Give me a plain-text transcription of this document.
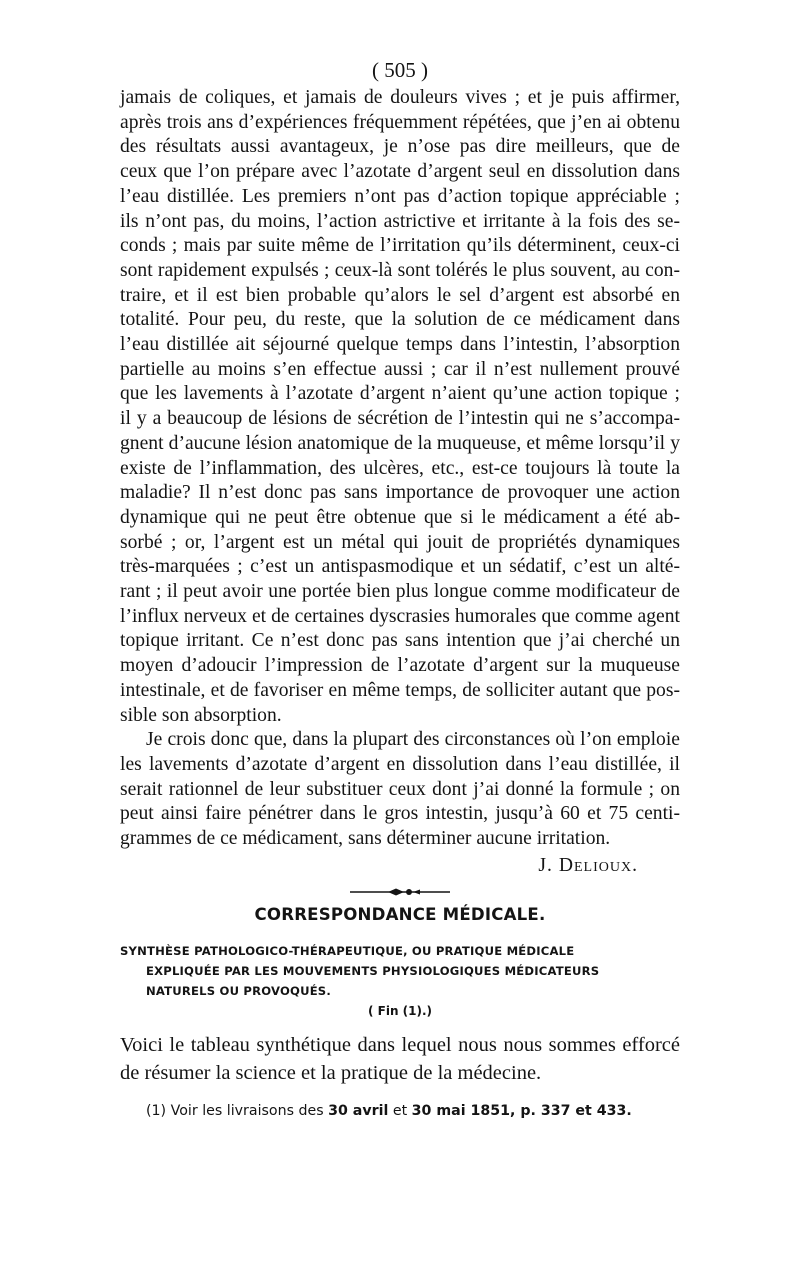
( 505 )

jamais de coliques, et jamais de douleurs vives ; et je puis affirmer,

après trois ans d’expériences fréquemment répétées, que j’en ai obtenu

des résultats aussi avantageux, je n’ose pas dire meilleurs, que de

ceux que l’on prépare avec l’azotate d’argent seul en dissolution dans

l’eau distillée. Les premiers n’ont pas d’action topique appréciable ;

ils n’ont pas, du moins, l’action astrictive et irritante à la fois des se-

conds ; mais par suite même de l’irritation qu’ils déterminent, ceux-ci

sont rapidement expulsés ; ceux-là sont tolérés le plus souvent, au con-

traire, et il est bien probable qu’alors le sel d’argent est absorbé en

totalité. Pour peu, du reste, que la solution de ce médicament dans

l’eau distillée ait séjourné quelque temps dans l’intestin, l’absorption

partielle au moins s’en effectue aussi ; car il n’est nullement prouvé

que les lavements à l’azotate d’argent n’aient qu’une action topique ;

il y a beaucoup de lésions de sécrétion de l’intestin qui ne s’accompa-

gnent d’aucune lésion anatomique de la muqueuse, et même lorsqu’il y

existe de l’inflammation, des ulcères, etc., est-ce toujours là toute la

maladie? Il n’est donc pas sans importance de provoquer une action

dynamique qui ne peut être obtenue que si le médicament a été ab-

sorbé ; or, l’argent est un métal qui jouit de propriétés dynamiques

très-marquées ; c’est un antispasmodique et un sédatif, c’est un alté-

rant ; il peut avoir une portée bien plus longue comme modificateur de

l’influx nerveux et de certaines dyscrasies humorales que comme agent

topique irritant. Ce n’est donc pas sans intention que j’ai cherché un

moyen d’adoucir l’impression de l’azotate d’argent sur la muqueuse

intestinale, et de favoriser en même temps, de solliciter autant que pos-

sible son absorption.

Je crois donc que, dans la plupart des circonstances où l’on emploie

les lavements d’azotate d’argent en dissolution dans l’eau distillée, il

serait rationnel de leur substituer ceux dont j’ai donné la formule ; on

peut ainsi faire pénétrer dans le gros intestin, jusqu’à 60 et 75 centi-

grammes de ce médicament, sans déterminer aucune irritation.

J. Delioux.
CORRESPONDANCE MÉDICALE.
SYNTHÈSE PATHOLOGICO-THÉRAPEUTIQUE, OU PRATIQUE MÉDICALE
EXPLIQUÉE PAR LES MOUVEMENTS PHYSIOLOGIQUES MÉDICATEURS
NATURELS OU PROVOQUÉS.
( Fin (1).)

Voici le tableau synthétique dans lequel nous nous sommes efforcé

de résumer la science et la pratique de la médecine.

(1) Voir les livraisons des 30 avril et 30 mai 1851, p. 337 et 433.
